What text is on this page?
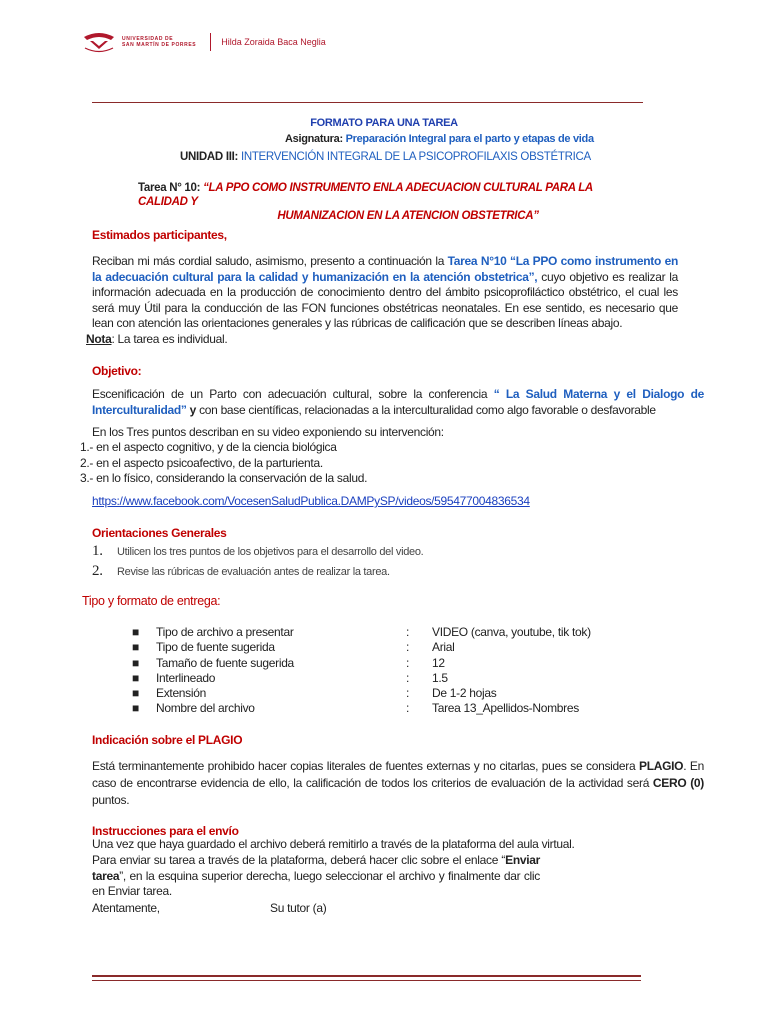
UNIVERSIDAD DE
SAN MARTÍN DE PORRES	Hilda Zoraida Baca Neglia
FORMATO PARA UNA TAREA
Asignatura: Preparación Integral para el parto y etapas de vida
UNIDAD III: INTERVENCIÓN INTEGRAL DE LA PSICOPROFILAXIS OBSTÉTRICA
Tarea N° 10: “LA PPO COMO INSTRUMENTO ENLA ADECUACION CULTURAL PARA LA CALIDAD Y
HUMANIZACION EN LA ATENCION OBSTETRICA”
Estimados participantes,
Reciban mi más cordial saludo, asimismo, presento a continuación la Tarea N°10 “La PPO como instrumento en la adecuación cultural para la calidad y humanización en la atención obstetrica”, cuyo objetivo es realizar la información adecuada en la producción de conocimiento dentro del ámbito psicoprofiláctico obstétrico, el cual les será muy Útil para la conducción de las FON funciones obstétricas neonatales. En ese sentido, es necesario que lean con atención las orientaciones generales y las rúbricas de calificación que se describen líneas abajo.
Nota: La tarea es individual.
Objetivo:
Escenificación de un Parto con adecuación cultural, sobre la conferencia “ La Salud Materna y el Dialogo de Interculturalidad” y con base científicas, relacionadas a la interculturalidad como algo favorable o desfavorable
En los Tres puntos describan en su video exponiendo su intervención:
1.- en el aspecto cognitivo, y de la ciencia biológica
2.- en el aspecto psicoafectivo, de la parturienta.
3.- en lo físico, considerando la conservación de la salud.
https://www.facebook.com/VocesenSaludPublica.DAMPySP/videos/595477004836534
Orientaciones Generales
1. Utilicen los tres puntos de los objetivos para el desarrollo del video.
2. Revise las rúbricas de evaluación antes de realizar la tarea.
Tipo y formato de entrega:
■	Tipo de archivo a presentar	:	VIDEO (canva, youtube, tik tok)
■	Tipo de fuente sugerida	:	Arial
■	Tamaño de fuente sugerida	:	12
■	Interlineado	:	1.5
■	Extensión	:	De 1-2 hojas
■	Nombre del archivo	:	Tarea 13_Apellidos-Nombres
Indicación sobre el PLAGIO
Está terminantemente prohibido hacer copias literales de fuentes externas y no citarlas, pues se considera PLAGIO. En caso de encontrarse evidencia de ello, la calificación de todos los criterios de evaluación de la actividad será CERO (0) puntos.
Instrucciones para el envío
Una vez que haya guardado el archivo deberá remitirlo a través de la plataforma del aula virtual.
Para enviar su tarea a través de la plataforma, deberá hacer clic sobre el enlace “Enviar tarea”, en la esquina superior derecha, luego seleccionar el archivo y finalmente dar clic en Enviar tarea.
Atentamente,	Su tutor (a)
